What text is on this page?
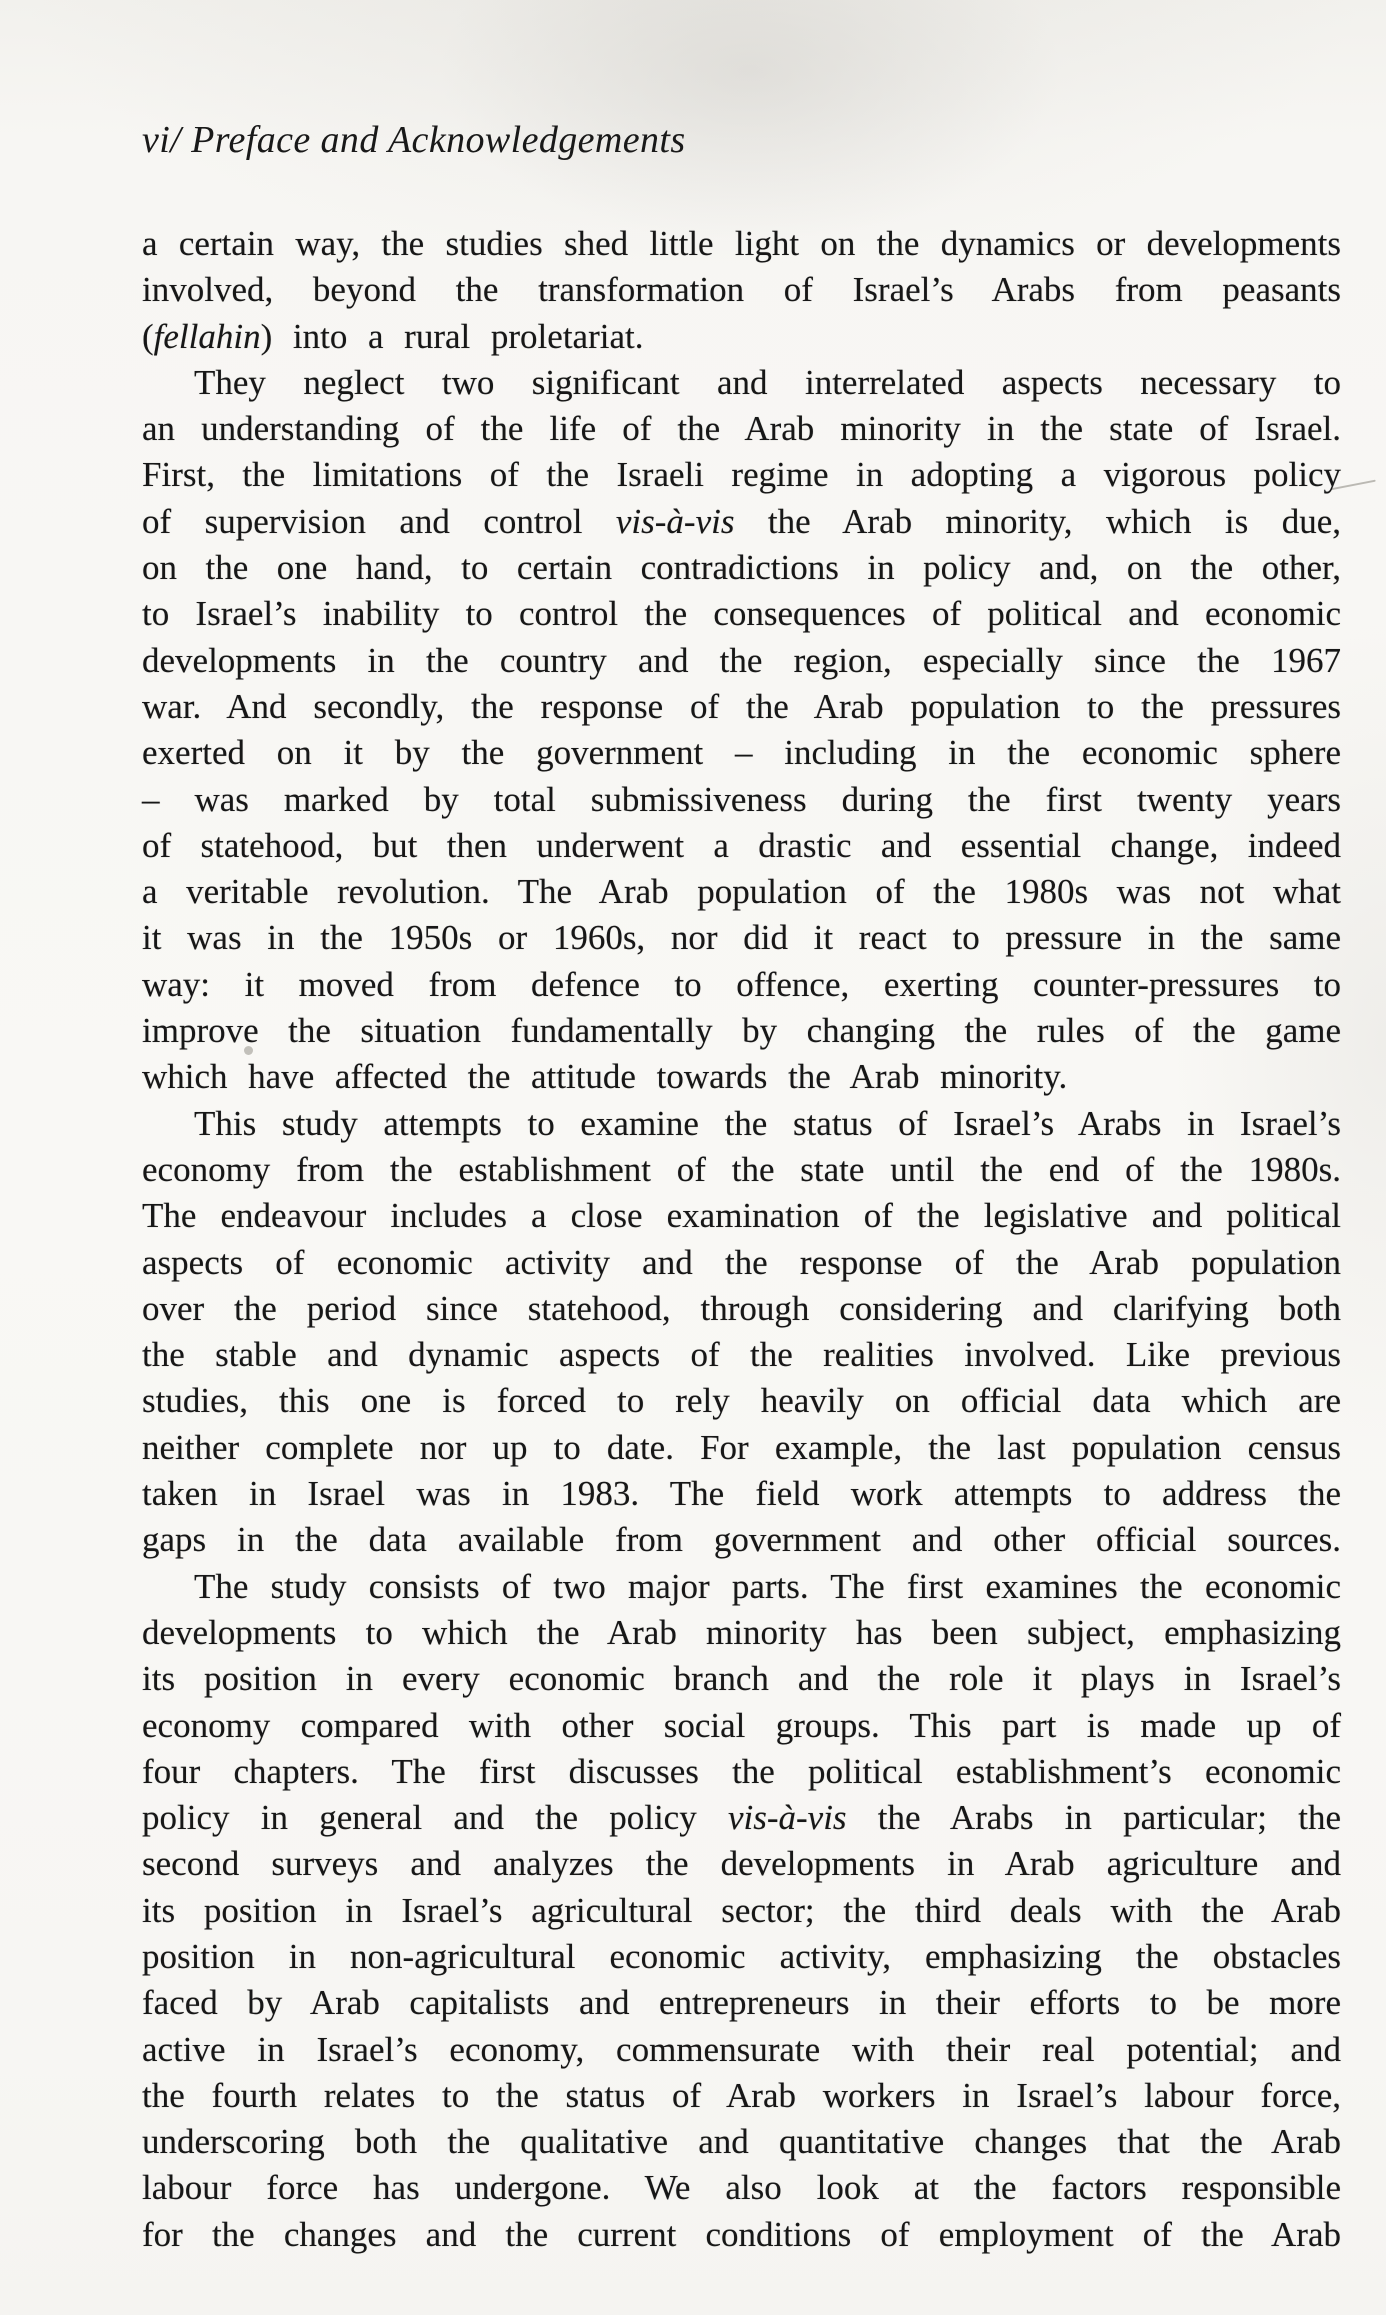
vi/ Preface and Acknowledgements

a certain way, the studies shed little light on the dynamics or developments
involved, beyond the transformation of Israel’s Arabs from peasants
(fellahin) into a rural proletariat.

They neglect two significant and interrelated aspects necessary to
an understanding of the life of the Arab minority in the state of Israel.
First, the limitations of the Israeli regime in adopting a vigorous policy
of supervision and control vis-à-vis the Arab minority, which is due,
on the one hand, to certain contradictions in policy and, on the other,
to Israel’s inability to control the consequences of political and economic
developments in the country and the region, especially since the 1967
war. And secondly, the response of the Arab population to the pressures
exerted on it by the government – including in the economic sphere
– was marked by total submissiveness during the first twenty years
of statehood, but then underwent a drastic and essential change, indeed
a veritable revolution. The Arab population of the 1980s was not what
it was in the 1950s or 1960s, nor did it react to pressure in the same
way: it moved from defence to offence, exerting counter-pressures to
improve the situation fundamentally by changing the rules of the game
which have affected the attitude towards the Arab minority.

This study attempts to examine the status of Israel’s Arabs in Israel’s
economy from the establishment of the state until the end of the 1980s.
The endeavour includes a close examination of the legislative and political
aspects of economic activity and the response of the Arab population
over the period since statehood, through considering and clarifying both
the stable and dynamic aspects of the realities involved. Like previous
studies, this one is forced to rely heavily on official data which are
neither complete nor up to date. For example, the last population census
taken in Israel was in 1983. The field work attempts to address the
gaps in the data available from government and other official sources.

The study consists of two major parts. The first examines the economic
developments to which the Arab minority has been subject, emphasizing
its position in every economic branch and the role it plays in Israel’s
economy compared with other social groups. This part is made up of
four chapters. The first discusses the political establishment’s economic
policy in general and the policy vis-à-vis the Arabs in particular; the
second surveys and analyzes the developments in Arab agriculture and
its position in Israel’s agricultural sector; the third deals with the Arab
position in non-agricultural economic activity, emphasizing the obstacles
faced by Arab capitalists and entrepreneurs in their efforts to be more
active in Israel’s economy, commensurate with their real potential; and
the fourth relates to the status of Arab workers in Israel’s labour force,
underscoring both the qualitative and quantitative changes that the Arab
labour force has undergone. We also look at the factors responsible
for the changes and the current conditions of employment of the Arab
